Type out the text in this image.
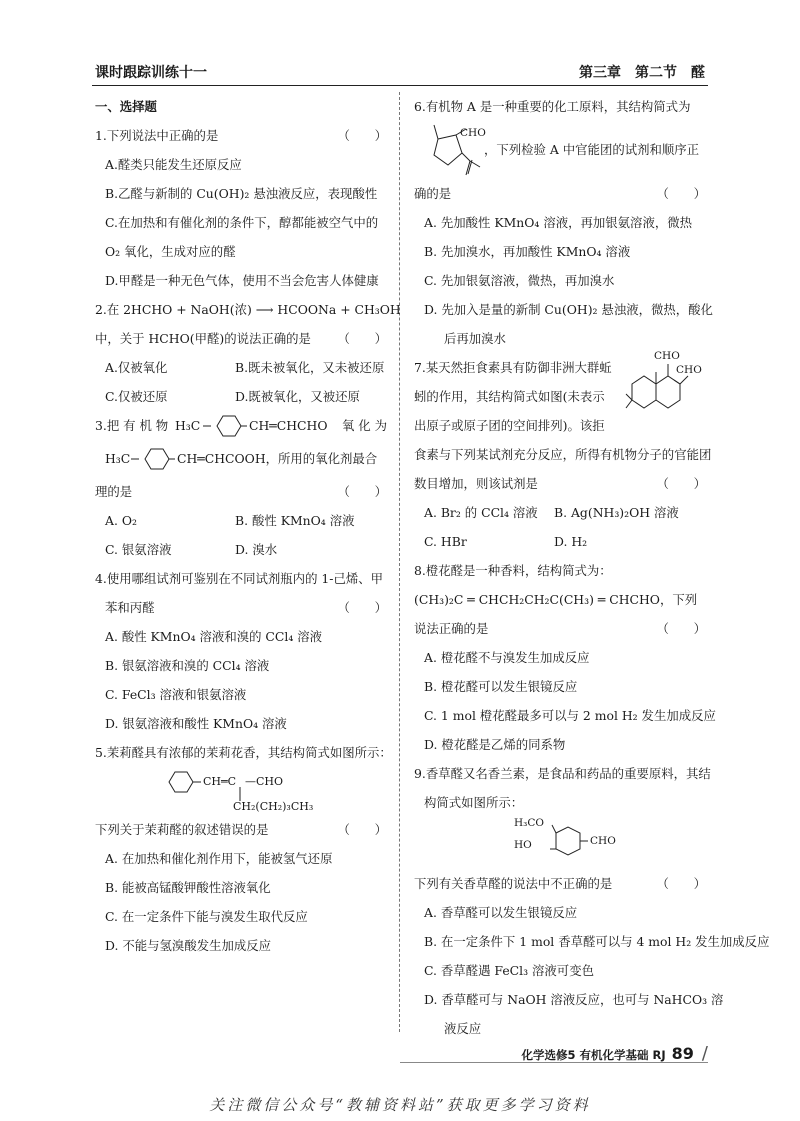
课时跟踪训练十一	第三章　第二节　醛
一、选择题
1.下列说法中正确的是	（　　）
A.醛类只能发生还原反应
B.乙醛与新制的 Cu(OH)₂ 悬浊液反应，表现酸性
C.在加热和有催化剂的条件下，醇都能被空气中的
O₂ 氧化，生成对应的醛
D.甲醛是一种无色气体，使用不当会危害人体健康
2.在 2HCHO + NaOH(浓) ⟶ HCOONa + CH₃OH
中，关于 HCHO(甲醛)的说法正确的是 （　　）
A.仅被氧化	B.既未被氧化，又未被还原
C.仅被还原	D.既被氧化，又被还原
3.把 有 机 物 H₃C	CH═CHCHO 氧 化 为
H₃C	CH═CHCOOH，所用的氧化剂最合
理的是	（　　）
A. O₂	B. 酸性 KMnO₄ 溶液
C. 银氨溶液	D. 溴水
4.使用哪组试剂可鉴别在不同试剂瓶内的 1-己烯、甲
苯和丙醛	（　　）
A. 酸性 KMnO₄ 溶液和溴的 CCl₄ 溶液
B. 银氨溶液和溴的 CCl₄ 溶液
C. FeCl₃ 溶液和银氨溶液
D. 银氨溶液和酸性 KMnO₄ 溶液
5.茉莉醛具有浓郁的茉莉花香，其结构简式如图所示：
CH═C —CHO
CH₂(CH₂)₃CH₃
下列关于茉莉醛的叙述错误的是	（　　）
A. 在加热和催化剂作用下，能被氢气还原
B. 能被高锰酸钾酸性溶液氧化
C. 在一定条件下能与溴发生取代反应
D. 不能与氢溴酸发生加成反应
6.有机物 A 是一种重要的化工原料，其结构简式为
CHO
，下列检验 A 中官能团的试剂和顺序正
确的是	（　　）
A. 先加酸性 KMnO₄ 溶液，再加银氨溶液，微热
B. 先加溴水，再加酸性 KMnO₄ 溶液
C. 先加银氨溶液，微热，再加溴水
D. 先加入是量的新制 Cu(OH)₂ 悬浊液，微热，酸化
后再加溴水
7.某天然拒食素具有防御非洲大群蚯
蚓的作用，其结构简式如图(未表示
出原子或原子团的空间排列)。该拒
CHO
CHO
食素与下列某试剂充分反应，所得有机物分子的官能团
数目增加，则该试剂是	（　　）
A. Br₂ 的 CCl₄ 溶液 B. Ag(NH₃)₂OH 溶液
C. HBr	D. H₂
8.橙花醛是一种香料，结构简式为：
(CH₃)₂C ═ CHCH₂CH₂C(CH₃) ═ CHCHO，下列
说法正确的是	（　　）
A. 橙花醛不与溴发生加成反应
B. 橙花醛可以发生银镜反应
C. 1 mol 橙花醛最多可以与 2 mol H₂ 发生加成反应
D. 橙花醛是乙烯的同系物
9.香草醛又名香兰素，是食品和药品的重要原料，其结
构简式如图所示：
H₃CO
HO	CHO
下列有关香草醛的说法中不正确的是	（　　）
A. 香草醛可以发生银镜反应
B. 在一定条件下 1 mol 香草醛可以与 4 mol H₂ 发生加成反应
C. 香草醛遇 FeCl₃ 溶液可变色
D. 香草醛可与 NaOH 溶液反应，也可与 NaHCO₃ 溶
液反应
化学选修5 有机化学基础 RJ 89 /
关注微信公众号“教辅资料站”获取更多学习资料
